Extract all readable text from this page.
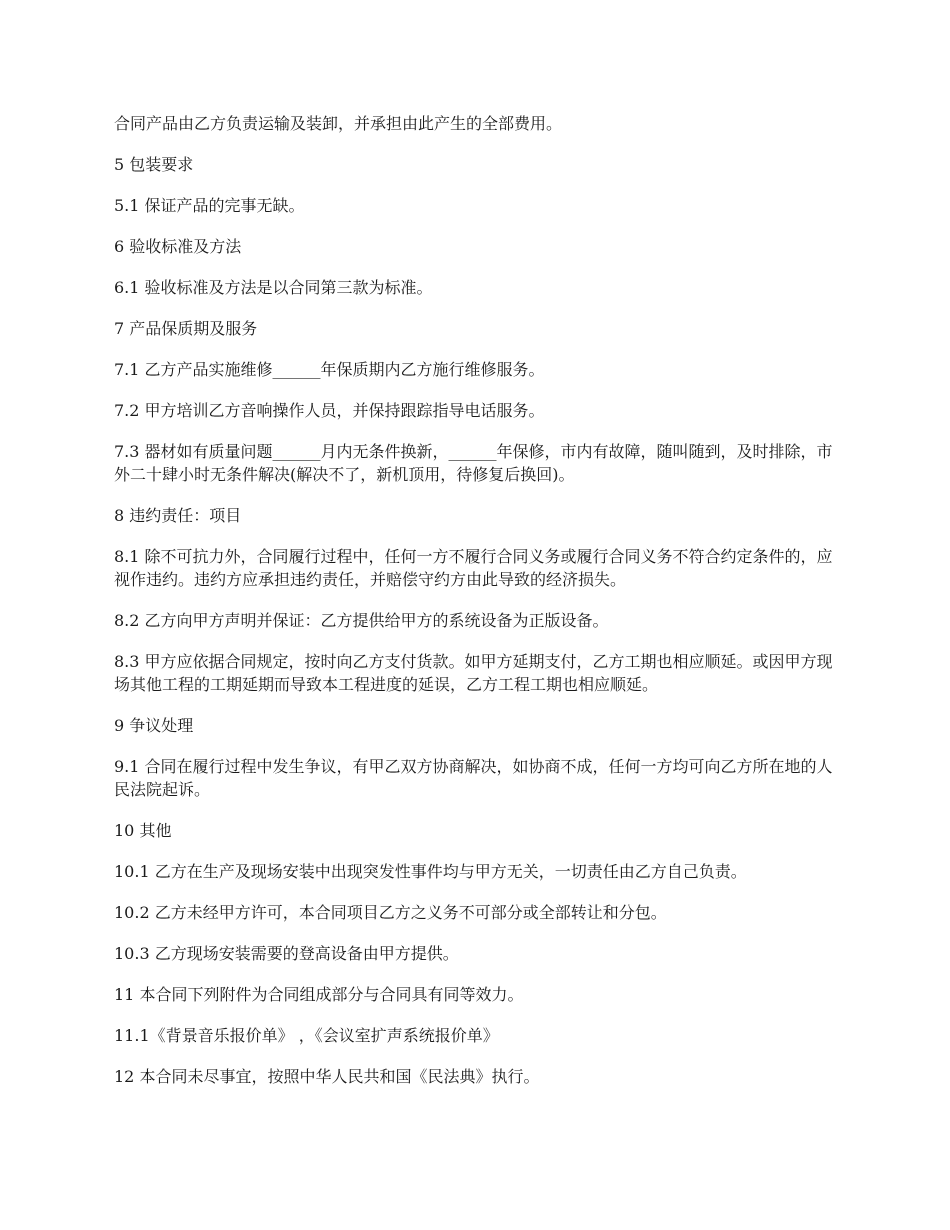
合同产品由乙方负责运输及装卸，并承担由此产生的全部费用。

5 包装要求

5.1 保证产品的完事无缺。

6 验收标准及方法

6.1 验收标准及方法是以合同第三款为标准。

7 产品保质期及服务

7.1 乙方产品实施维修______年保质期内乙方施行维修服务。

7.2 甲方培训乙方音响操作人员，并保持跟踪指导电话服务。

7.3 器材如有质量问题______月内无条件换新，______年保修，市内有故障，随叫随到，及时排除，市外二十肆小时无条件解决(解决不了，新机顶用，待修复后换回)。

8 违约责任：项目

8.1 除不可抗力外，合同履行过程中，任何一方不履行合同义务或履行合同义务不符合约定条件的，应视作违约。违约方应承担违约责任，并赔偿守约方由此导致的经济损失。

8.2 乙方向甲方声明并保证：乙方提供给甲方的系统设备为正版设备。

8.3 甲方应依据合同规定，按时向乙方支付货款。如甲方延期支付，乙方工期也相应顺延。或因甲方现场其他工程的工期延期而导致本工程进度的延误，乙方工程工期也相应顺延。

9 争议处理

9.1 合同在履行过程中发生争议，有甲乙双方协商解决，如协商不成，任何一方均可向乙方所在地的人民法院起诉。

10 其他

10.1 乙方在生产及现场安装中出现突发性事件均与甲方无关，一切责任由乙方自己负责。

10.2 乙方未经甲方许可，本合同项目乙方之义务不可部分或全部转让和分包。

10.3 乙方现场安装需要的登高设备由甲方提供。

11 本合同下列附件为合同组成部分与合同具有同等效力。

11.1《背景音乐报价单》 ，《会议室扩声系统报价单》

12 本合同未尽事宜，按照中华人民共和国《民法典》执行。
